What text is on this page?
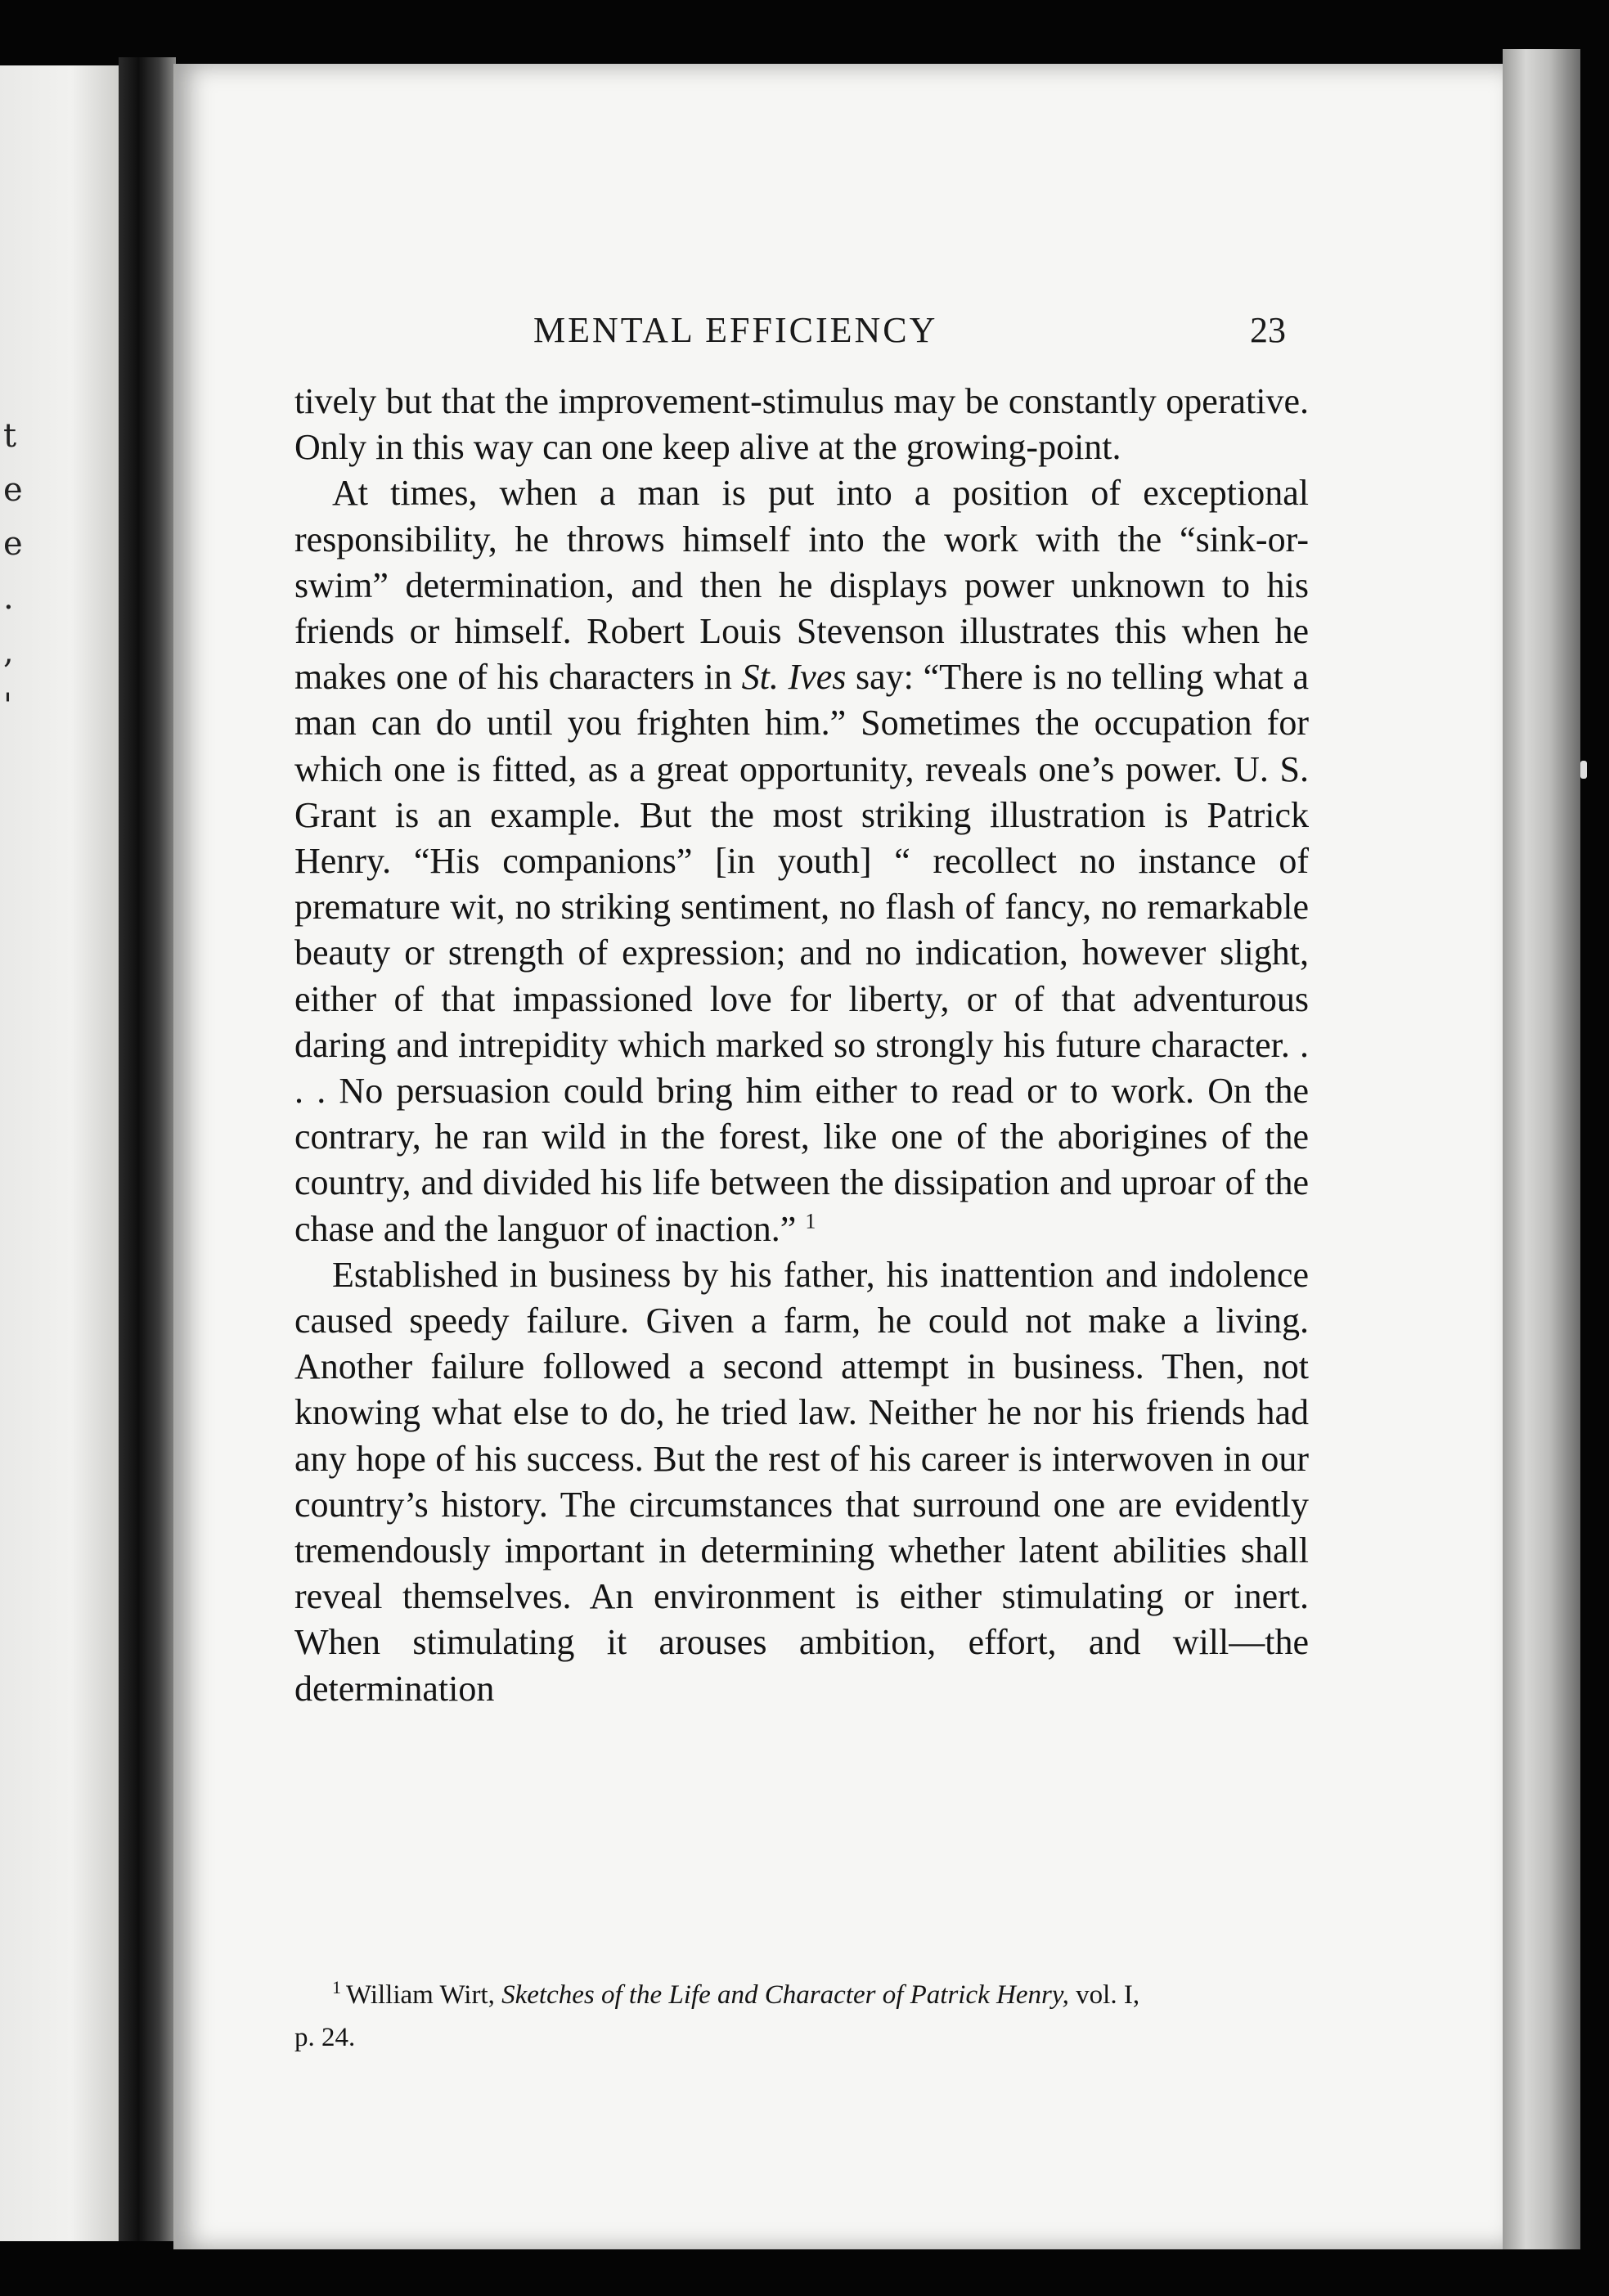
t
e
e
.
,
'
MENTAL EFFICIENCY	23

tively but that the improvement-stimulus may be constantly operative. Only in this way can one keep alive at the growing-point.

At times, when a man is put into a position of exceptional responsibility, he throws himself into the work with the “sink-or-swim” determination, and then he displays power unknown to his friends or himself. Robert Louis Stevenson illustrates this when he makes one of his characters in St. Ives say: “There is no telling what a man can do until you frighten him.” Sometimes the occupation for which one is fitted, as a great opportunity, reveals one’s power. U. S. Grant is an example. But the most striking illustration is Patrick Henry. “His companions” [in youth] “ recollect no instance of premature wit, no striking sentiment, no flash of fancy, no remarkable beauty or strength of expression; and no indication, however slight, either of that impassioned love for liberty, or of that adventurous daring and intrepidity which marked so strongly his future character. . . . No persuasion could bring him either to read or to work. On the contrary, he ran wild in the forest, like one of the aborigines of the country, and divided his life between the dissipation and uproar of the chase and the languor of inaction.” $^1$

Established in business by his father, his inattention and indolence caused speedy failure. Given a farm, he could not make a living. Another failure followed a second attempt in business. Then, not knowing what else to do, he tried law. Neither he nor his friends had any hope of his success. But the rest of his career is interwoven in our country’s history. The circumstances that surround one are evidently tremendously important in determining whether latent abilities shall reveal themselves. An environment is either stimulating or inert. When stimulating it arouses ambition, effort, and will—the determination

$^1$ William Wirt, Sketches of the Life and Character of Patrick Henry, vol. I,
p. 24.
